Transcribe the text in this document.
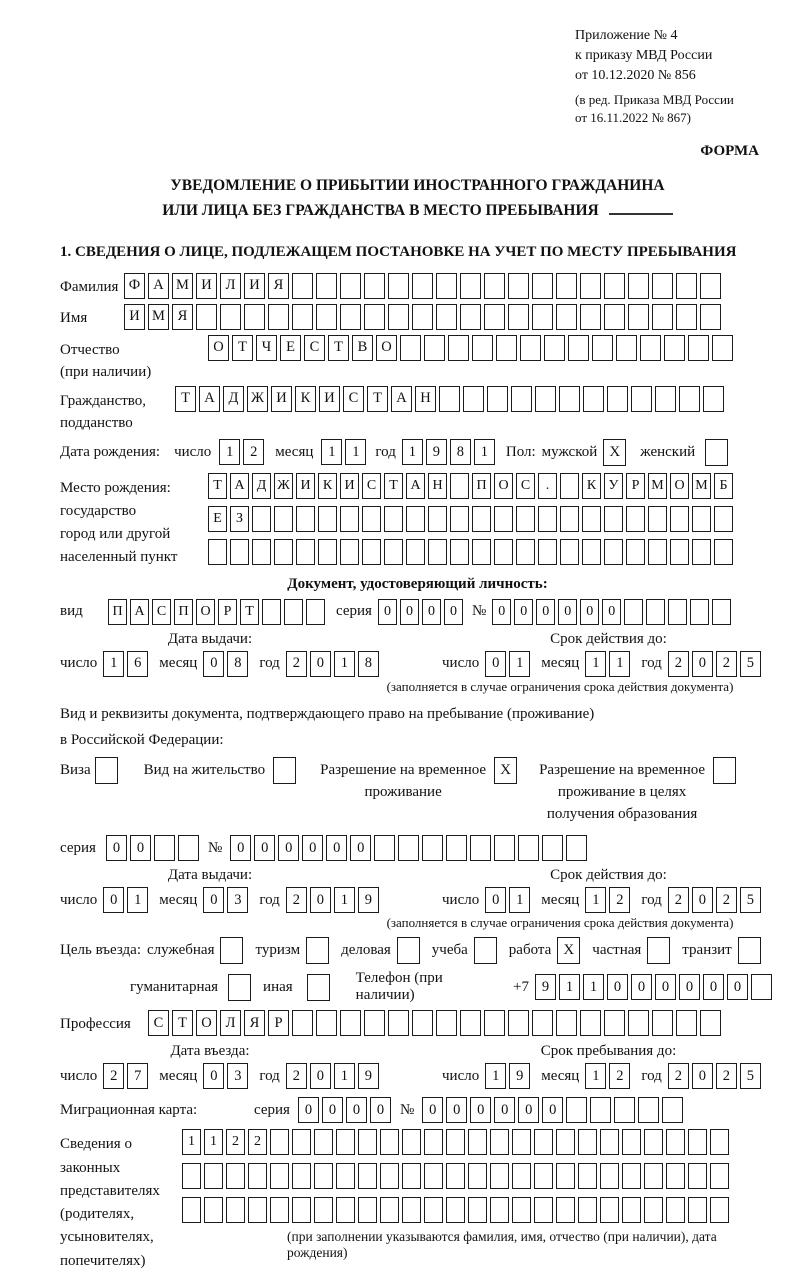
Приложение № 4
к приказу МВД России
от 10.12.2020 № 856
(в ред. Приказа МВД России
от 16.11.2022 № 867)
ФОРМА
УВЕДОМЛЕНИЕ О ПРИБЫТИИ ИНОСТРАННОГО ГРАЖДАНИНА
ИЛИ ЛИЦА БЕЗ ГРАЖДАНСТВА В МЕСТО ПРЕБЫВАНИЯ
1. СВЕДЕНИЯ О ЛИЦЕ, ПОДЛЕЖАЩЕМ ПОСТАНОВКЕ НА УЧЕТ ПО МЕСТУ ПРЕБЫВАНИЯ
Фамилия Ф А М И Л И Я
Имя	И М Я
Отчество
(при наличии)
О Т	Ч	Е	С	Т	В О
Гражданство,
подданство
Т А Д Ж И К И С	Т А Н
Дата рождения: число	1	2	месяц	1	1	год 1	9	8	1	Пол: мужской X	женский
Место рождения:
государство
город или другой
населенный пункт
Т А Д Ж И К И С Т А Н	П О С	.	К У Р М О М Б
Е	З
Документ, удостоверяющий личность:
вид	П А С П О Р Т	серия 0	0	0	0	№ 0	0	0	0	0	0
Дата выдачи:
число 1	6	месяц 0	8	год 2	0	1	8
Срок действия до:
число 0	1	месяц 1	1	год 2	0	2	5
(заполняется в случае ограничения срока действия документа)
Вид и реквизиты документа, подтверждающего право на пребывание (проживание)
в Российской Федерации:
Виза	Вид на жительство	Разрешение на временное
проживание
X	Разрешение на временное
проживание в целях
получения образования
серия	0	0	№	0	0	0	0	0	0
Дата выдачи:
число 0	1	месяц 0	3	год 2	0	1	9
Срок действия до:
число 0	1	месяц 1	2	год 2	0	2	5
(заполняется в случае ограничения срока действия документа)
Цель въезда: служебная	туризм	деловая	учеба	работа X	частная	транзит
гуманитарная	иная
Телефон (при наличии)
+7 9	1	1	0	0	0	0	0	0
Профессия	С	Т О Л Я	Р
Дата въезда:
число 2	7	месяц 0	3	год 2	0	1	9
Срок пребывания до:
число 1	9	месяц 1	2	год 2	0	2	5
Миграционная карта:	серия	0	0	0	0	№	0	0	0	0	0	0
Сведения о
законных
представителях
(родителях,
усыновителях,
попечителях)
1	1	2	2
(при заполнении указываются фамилия, имя, отчество (при наличии), дата рождения)
